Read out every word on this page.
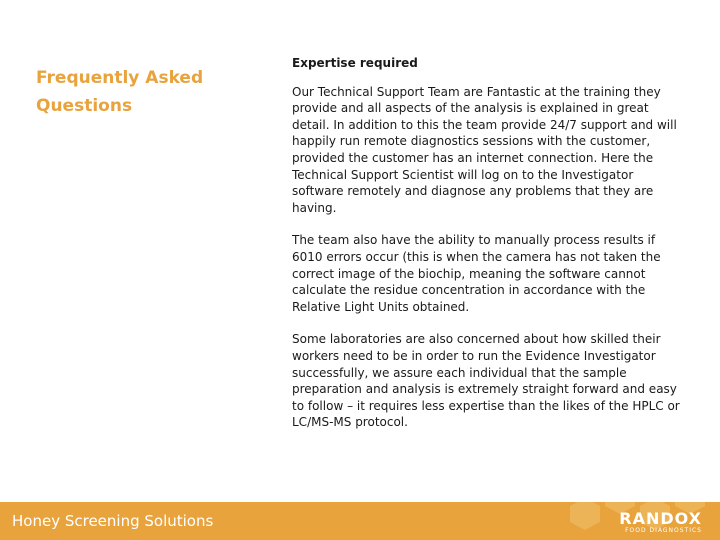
Frequently Asked Questions
Expertise required

Our Technical Support Team are Fantastic at the training they provide and all aspects of the analysis is explained in great detail. In addition to this the team provide 24/7 support and will happily run remote diagnostics sessions with the customer, provided the customer has an internet connection. Here the Technical Support Scientist will log on to the Investigator software remotely and diagnose any problems that they are having.

The team also have the ability to manually process results if 6010 errors occur (this is when the camera has not taken the correct image of the biochip, meaning the software cannot calculate the residue concentration in accordance with the Relative Light Units obtained.

Some laboratories are also concerned about how skilled their workers need to be in order to run the Evidence Investigator successfully, we assure each individual that the sample preparation and analysis is extremely straight forward and easy to follow – it requires less expertise than the likes of the HPLC or LC/MS-MS protocol.

Honey Screening Solutions	RANDOX
FOOD DIAGNOSTICS
